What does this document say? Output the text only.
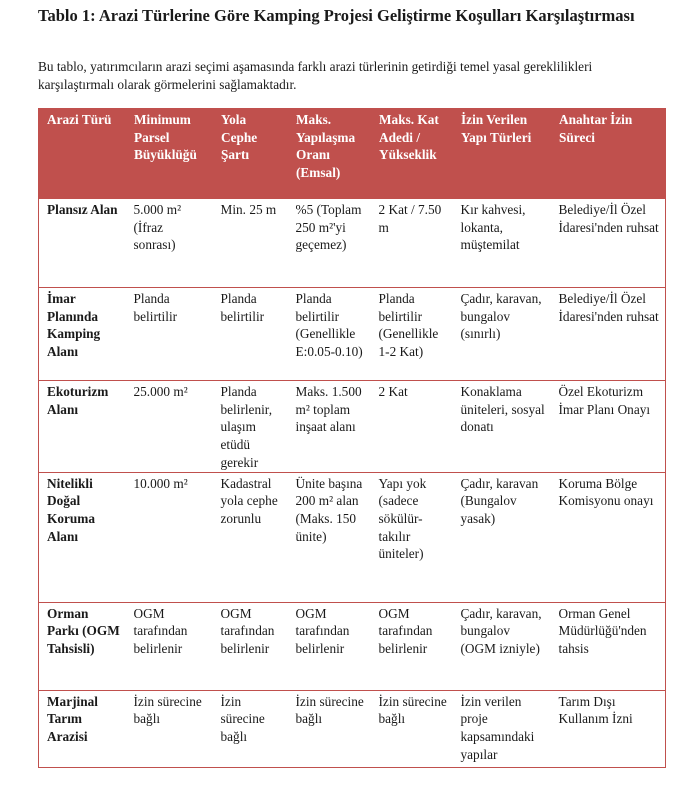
Tablo 1: Arazi Türlerine Göre Kamping Projesi Geliştirme Koşulları Karşılaştırması

Bu tablo, yatırımcıların arazi seçimi aşamasında farklı arazi türlerinin getirdiği temel yasal gereklilikleri karşılaştırmalı olarak görmelerini sağlamaktadır.

Arazi Türü	Minimum Parsel Büyüklüğü	Yola Cephe Şartı	Maks. Yapılaşma Oranı (Emsal)	Maks. Kat Adedi / Yükseklik	İzin Verilen Yapı Türleri	Anahtar İzin Süreci
Plansız Alan	5.000 m² (İfraz sonrası)	Min. 25 m	%5 (Toplam 250 m²'yi geçemez)	2 Kat / 7.50 m	Kır kahvesi, lokanta, müştemilat	Belediye/İl Özel İdaresi'nden ruhsat
İmar Planında Kamping Alanı	Planda belirtilir	Planda belirtilir	Planda belirtilir (Genellikle E:0.05-0.10)	Planda belirtilir (Genellikle 1-2 Kat)	Çadır, karavan, bungalov (sınırlı)	Belediye/İl Özel İdaresi'nden ruhsat
Ekoturizm Alanı	25.000 m²	Planda belirlenir, ulaşım etüdü gerekir	Maks. 1.500 m² toplam inşaat alanı	2 Kat	Konaklama üniteleri, sosyal donatı	Özel Ekoturizm İmar Planı Onayı
Nitelikli Doğal Koruma Alanı	10.000 m²	Kadastral yola cephe zorunlu	Ünite başına 200 m² alan (Maks. 150 ünite)	Yapı yok (sadece sökülür-takılır üniteler)	Çadır, karavan (Bungalov yasak)	Koruma Bölge Komisyonu onayı
Orman Parkı (OGM Tahsisli)	OGM tarafından belirlenir	OGM tarafından belirlenir	OGM tarafından belirlenir	OGM tarafından belirlenir	Çadır, karavan, bungalov (OGM izniyle)	Orman Genel Müdürlüğü'nden tahsis
Marjinal Tarım Arazisi	İzin sürecine bağlı	İzin sürecine bağlı	İzin sürecine bağlı	İzin sürecine bağlı	İzin verilen proje kapsamındaki yapılar	Tarım Dışı Kullanım İzni
